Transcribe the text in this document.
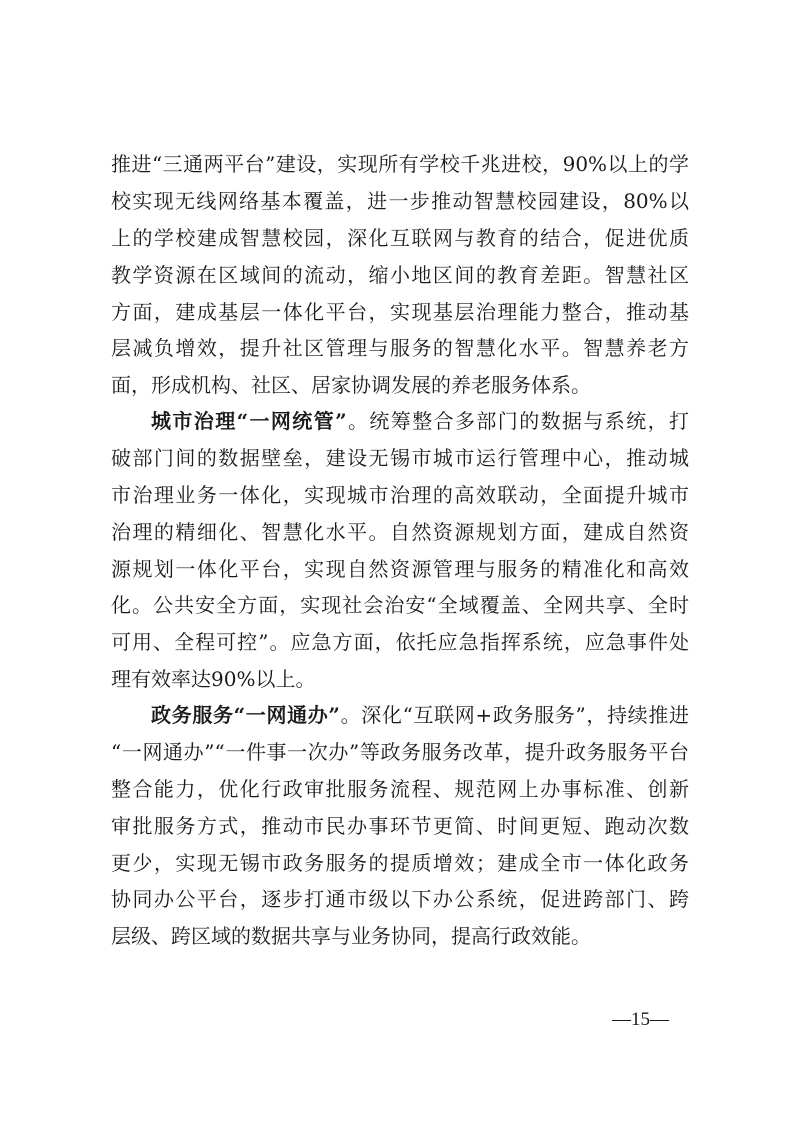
推进“三通两平台”建设，实现所有学校千兆进校，90%以上的学
校实现无线网络基本覆盖，进一步推动智慧校园建设，80%以
上的学校建成智慧校园，深化互联网与教育的结合，促进优质
教学资源在区域间的流动，缩小地区间的教育差距。智慧社区
方面，建成基层一体化平台，实现基层治理能力整合，推动基
层减负增效，提升社区管理与服务的智慧化水平。智慧养老方
面，形成机构、社区、居家协调发展的养老服务体系。
城市治理“一网统管”。统筹整合多部门的数据与系统，打
破部门间的数据壁垒，建设无锡市城市运行管理中心，推动城
市治理业务一体化，实现城市治理的高效联动，全面提升城市
治理的精细化、智慧化水平。自然资源规划方面，建成自然资
源规划一体化平台，实现自然资源管理与服务的精准化和高效
化。公共安全方面，实现社会治安“全域覆盖、全网共享、全时
可用、全程可控”。应急方面，依托应急指挥系统，应急事件处
理有效率达90%以上。
政务服务“一网通办”。深化“互联网+政务服务”，持续推进
“一网通办”“一件事一次办”等政务服务改革，提升政务服务平台
整合能力，优化行政审批服务流程、规范网上办事标准、创新
审批服务方式，推动市民办事环节更简、时间更短、跑动次数
更少，实现无锡市政务服务的提质增效；建成全市一体化政务
协同办公平台，逐步打通市级以下办公系统，促进跨部门、跨
层级、跨区域的数据共享与业务协同，提高行政效能。
—15—
